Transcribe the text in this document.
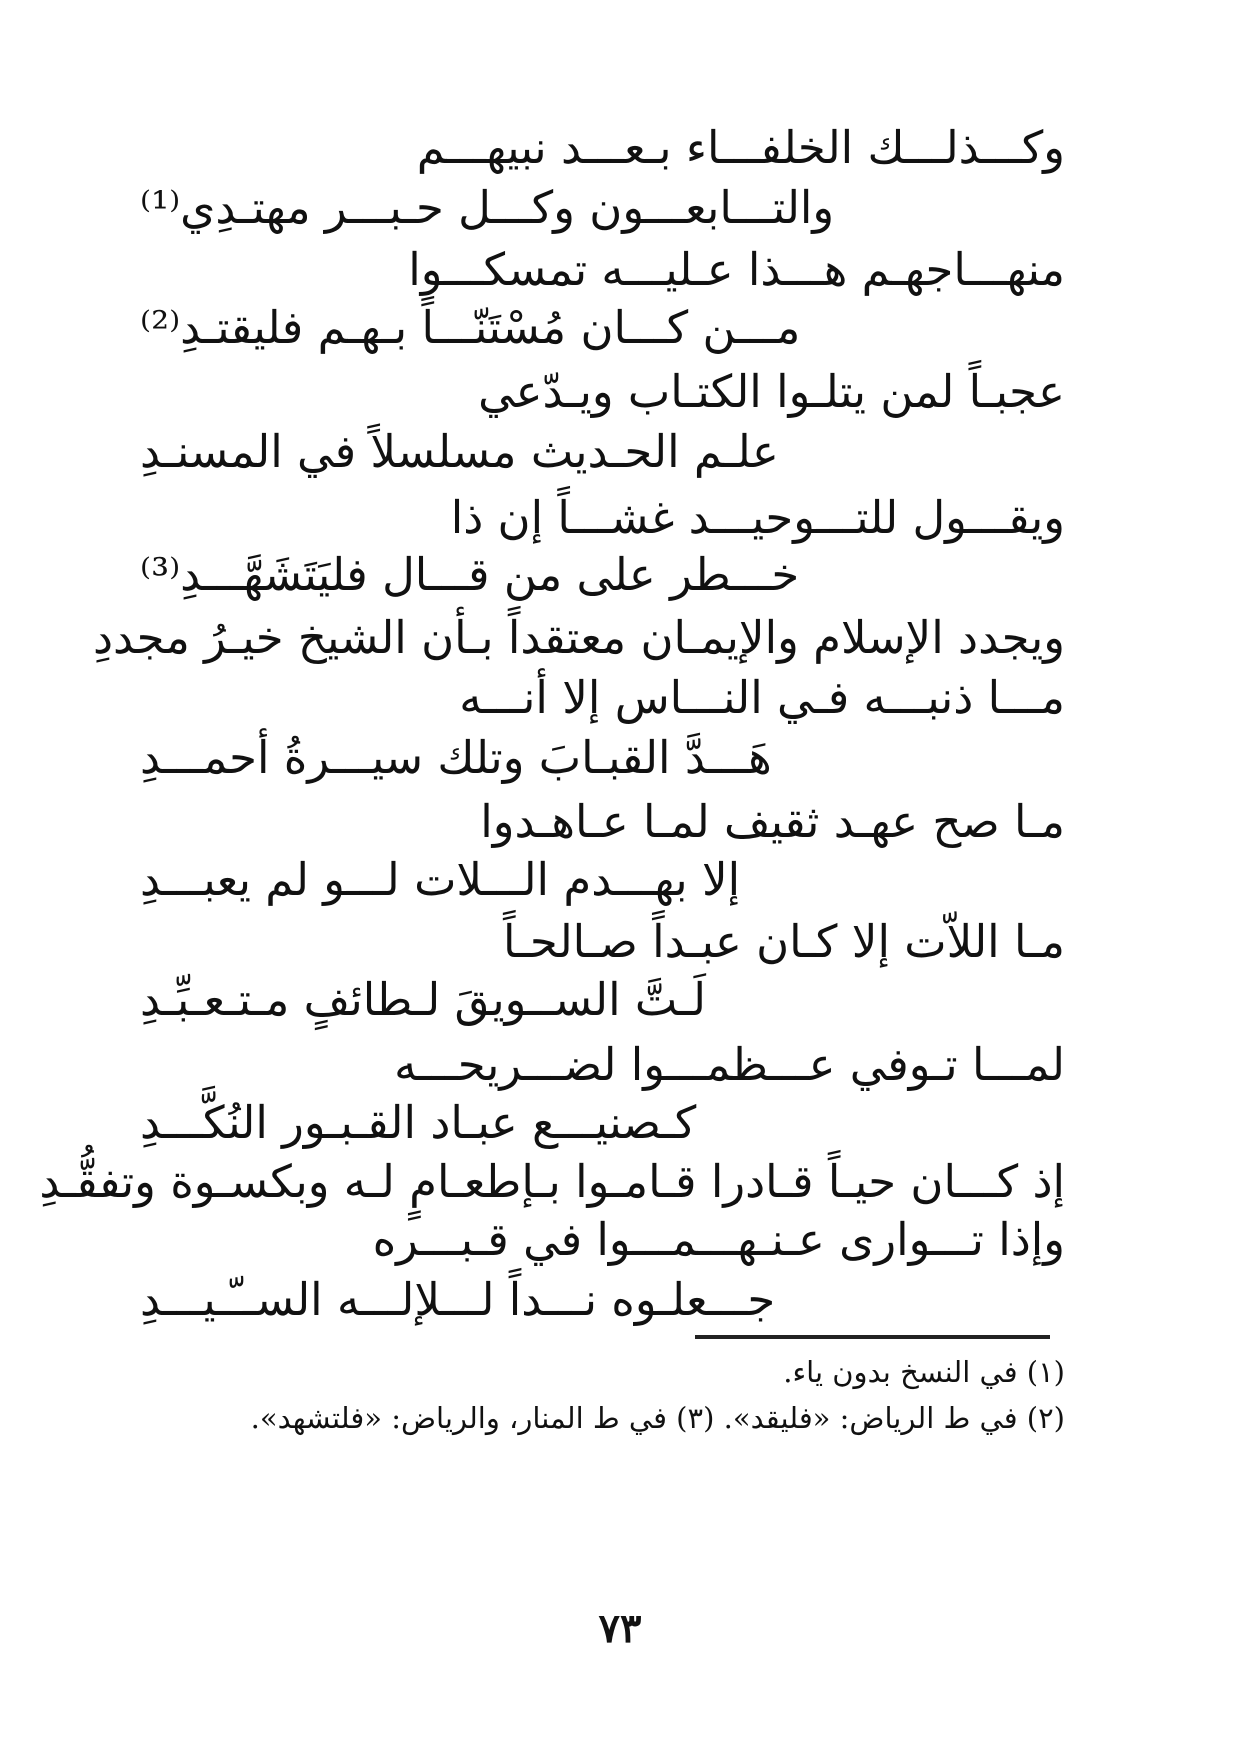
وكـــذلـــك الخلفـــاء بـعـــد نبيهـــم
والتـــابعـــون وكـــل حـبـــر مهتـدِي⁽¹⁾
منهـــاجهـم هـــذا عـليـــه تمسكـــوا
مـــن كـــان مُسْتَنّـــاً بـهـم فليقتـدِ⁽²⁾
عجبـاً لمن يتلـوا الكتـاب ويـدّعي
علـم الحـديث مسلسلاً في المسنـدِ
ويقـــول للتـــوحيـــد غشـــاً إن ذا
خـــطر على من قـــال فليَتَشَهَّـــدِ⁽³⁾
ويجدد الإسلام والإيمـان معتقداً بـأن الشيخ خيـرُ مجددِ
مـــا ذنبـــه فـي النـــاس إلا أنـــه
هَـــدَّ القبـابَ وتلك سيـــرةُ أحمـــدِ
مـا صح عهـد ثقيف لمـا عـاهـدوا
إلا بهـــدم الـــلات لـــو لم يعبـــدِ
مـا اللاّت إلا كـان عبـداً صـالحـاً
لَـتَّ الســويقَ لـطائفٍ مـتـعـبِّـدِ
لمـــا تـوفي عـــظمـــوا لضـــريحـــه
كـصنيـــع عبـاد القـبـور النُكَّـــدِ
إذ كـــان حيـاً قـادرا قـامـوا بـإطعـامٍ لـه وبكسـوة وتفقُّـدِ
وإذا تـــوارى عـنـهـــمـــوا في قـبـــره
جـــعلـوه نـــداً لـــلإلـــه الســّـيـــدِ
(١) في النسخ بدون ياء.
(٢) في ط الرياض: «فليقد». (٣) في ط المنار، والرياض: «فلتشهد».
٧٣
